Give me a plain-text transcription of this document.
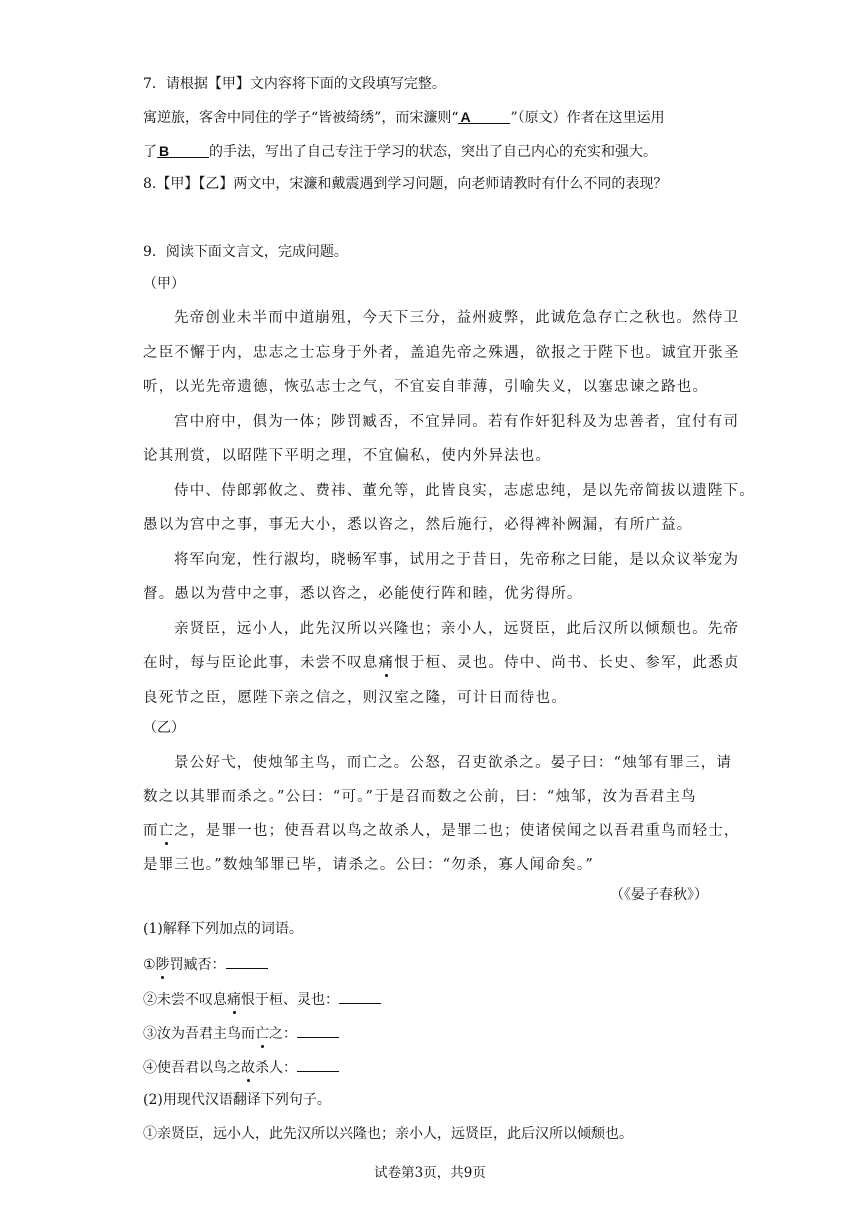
7．请根据【甲】文内容将下面的文段填写完整。
寓逆旅，客舍中同住的学子“皆被绮绣”，而宋濂则“ A	”（原文）作者在这里运用
了 B	的手法，写出了自己专注于学习的状态，突出了自己内心的充实和强大。
8.【甲】【乙】两文中，宋濂和戴震遇到学习问题，向老师请教时有什么不同的表现？
9．阅读下面文言文，完成问题。
（甲）
先帝创业未半而中道崩殂，今天下三分，益州疲弊，此诚危急存亡之秋也。然侍卫
之臣不懈于内，忠志之士忘身于外者，盖追先帝之殊遇，欲报之于陛下也。诚宜开张圣
听，以光先帝遗德，恢弘志士之气，不宜妄自菲薄，引喻失义，以塞忠谏之路也。
宫中府中，俱为一体；陟罚臧否，不宜异同。若有作奸犯科及为忠善者，宜付有司
论其刑赏，以昭陛下平明之理，不宜偏私，使内外异法也。
侍中、侍郎郭攸之、费祎、董允等，此皆良实，志虑忠纯，是以先帝简拔以遗陛下。
愚以为宫中之事，事无大小，悉以咨之，然后施行，必得裨补阙漏，有所广益。
将军向宠，性行淑均，晓畅军事，试用之于昔日，先帝称之曰能，是以众议举宠为
督。愚以为营中之事，悉以咨之，必能使行阵和睦，优劣得所。
亲贤臣，远小人，此先汉所以兴隆也；亲小人，远贤臣，此后汉所以倾颓也。先帝
在时，每与臣论此事，未尝不叹息痛恨于桓、灵也。侍中、尚书、长史、参军，此悉贞
良死节之臣，愿陛下亲之信之，则汉室之隆，可计日而待也。
（乙）
景公好弋，使烛邹主鸟，而亡之。公怒，召吏欲杀之。晏子曰：“烛邹有罪三，请
数之以其罪而杀之。”公曰：“可。”于是召而数之公前，曰：“烛邹，汝为吾君主鸟
而亡之，是罪一也；使吾君以鸟之故杀人，是罪二也；使诸侯闻之以吾君重鸟而轻士，
是罪三也。”数烛邹罪已毕，请杀之。公曰：“勿杀，寡人闻命矣。”
（《晏子春秋》）
(1)解释下列加点的词语。
①陟罚臧否：
②未尝不叹息痛恨于桓、灵也：
③汝为吾君主鸟而亡之：
④使吾君以鸟之故杀人：
(2)用现代汉语翻译下列句子。
①亲贤臣，远小人，此先汉所以兴隆也；亲小人，远贤臣，此后汉所以倾颓也。
试卷第3页，共9页
